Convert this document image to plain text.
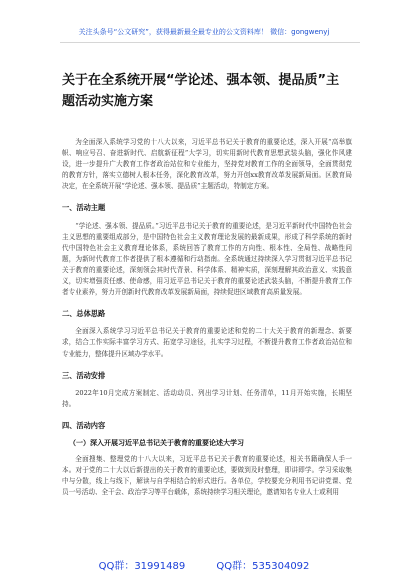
关注头条号“公文研究”，获得最新最全最专业的公文资料库！ 微信：gongwenyj
关于在全系统开展“学论述、强本领、提品质”主题活动实施方案

为全面深入系统学习党的十八大以来，习近平总书记关于教育的重要论述，深入开展“高举旗帜、响应号召、奋进新时代、启航新征程”大学习，切实用新时代教育思想武装头脑，强化作风建设，进一步提升广大教育工作者政治站位和专业能力，坚持党对教育工作的全面领导，全面贯彻党的教育方针，落实立德树人根本任务，深化教育改革，努力开创xx教育改革发展新局面。区教育局决定，在全系统开展“学论述、强本领、提品质”主题活动，特制定方案。

一、活动主题

“学论述、强本领、提品质。”习近平总书记关于教育的重要论述，是习近平新时代中国特色社会主义思想的重要组成部分，是中国特色社会主义教育理论发展的最新成果，形成了科学系统的新时代中国特色社会主义教育理论体系，系统回答了教育工作的方向性、根本性、全局性、战略性问题，为新时代教育工作者提供了根本遵循和行动指南。全系统通过持续深入学习贯彻习近平总书记关于教育的重要论述，深刻领会其时代背景、科学体系、精神实质，深刻理解其政治意义、实践意义，切实增强责任感、使命感，用习近平总书记关于教育的重要论述武装头脑，不断提升教育工作者专业素养，努力开创新时代教育改革发展新局面，持续促进区域教育高质量发展。

二、总体思路

全面深入系统学习习近平总书记关于教育的重要论述和党的二十大关于教育的新理念、新要求，结合工作实际丰富学习方式、拓宽学习途径，扎实学习过程，不断提升教育工作者政治站位和专业能力，整体提升区域办学水平。

三、活动安排

2022年10月完成方案制定、活动动员、列出学习计划、任务清单，11月开始实施，长期坚持。

四、活动内容
（一）深入开展习近平总书记关于教育的重要论述大学习

全面搜集、整理党的十八大以来，习近平总书记关于教育的重要论述，相关书籍确保人手一本。对于党的二十大以后新提出的关于教育的重要论述，要做到及时整理，即讲即学。学习采取集中与分散，线上与线下，解读与自学相结合的形式进行。各单位，学校要充分利用书记讲党课、党员一号活动、全干会、政治学习等平台载体，系统持续学习相关理论，邀请知名专业人士或利用

QQ群：31991489	QQ群：535304092
